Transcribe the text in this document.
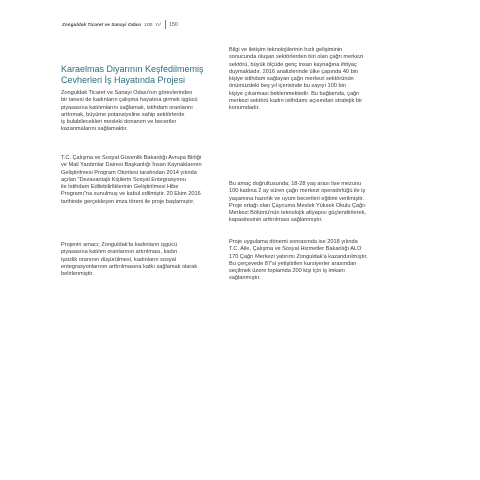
Zonguldak Ticaret ve Sanayi Odası 100. Yıl 150

Karaelmas Diyarının Keşfedilmemiş

Cevherleri İş Hayatında Projesi

Zonguldak Ticaret ve Sanayi Odası'nın görevlerinden
bir tanesi de kadınların çalışma hayatına girmek işgücü
piyasasına katılımlarını sağlamak, istihdam oranlarını
arttırmak, büyüme potansiyeline sahip sektörlerde
iş bulabilecekleri mesleki donanım ve beceriler
kazanmalarını sağlamaktır.

T.C. Çalışma ve Sosyal Güvenlik Bakanlığı Avrupa Birliği
ve Mali Yardımlar Dairesi Başkanlığı İnsan Kaynaklarının
Geliştirilmesi Program Otoritesi tarafından 2014 yılında
açılan "Dezavantajlı Kişilerin Sosyal Entegrasyonu
ile İstihdam Edilebilirliklerinin Geliştirilmesi Hibe
Programı"na sunulmuş ve kabul edilmiştir. 20 Ekim 2016
tarihinde gerçekleşen imza töreni ile proje başlamıştır.

Projenin amacı; Zonguldak'ta kadınların işgücü
piyasasına katılım oranlarının artırılması, kadın
işsizlik oranının düşürülmesi, kadınların sosyal
entegrasyonlarının arttırılmasına katkı sağlamak olarak
belirlenmiştir.

Bilgi ve iletişim teknolojilerinin hızlı gelişiminin
sonucunda oluşan sektörlerden biri olan çağrı merkezi
sektörü, büyük ölçüde genç insan kaynağına ihtiyaç
duymaktadır. 2016 analizlerinde ülke çapında 40 bin
kişiye istihdam sağlayan çağrı merkezi sektörünün
önümüzdeki beş yıl içerisinde bu sayıyı 100 bin
kişiye çıkarması beklenmektedir. Bu bağlamda, çağrı
merkezi sektörü kadın istihdamı açısından stratejik bir
konumdadır.

Bu amaç doğrultusunda; 18-28 yaş arası lise mezunu
100 kadına 2 ay süren çağrı merkezi operatörlüğü ile iş
yaşamına hazırlık ve uyum becerileri eğitimi verilmiştir.
Proje ortağı olan Çaycuma Meslek Yüksek Okulu Çağrı
Merkezi Bölümü'nün teknolojik altyapısı güçlendirilerek,
kapasitesinin arttırılması sağlanmıştır.

Proje uygulama dönemi sonrasında ise 2018 yılında
T.C. Aile, Çalışma ve Sosyal Hizmetler Bakanlığı ALO
170 Çağrı Merkezi yatırımı Zonguldak'a kazandırılmıştır.
Bu çerçevede 87'si yetiştirilen kursiyerler arasından
seçilmek üzere toplamda 200 kişi için iş imkanı
sağlanmıştır.
